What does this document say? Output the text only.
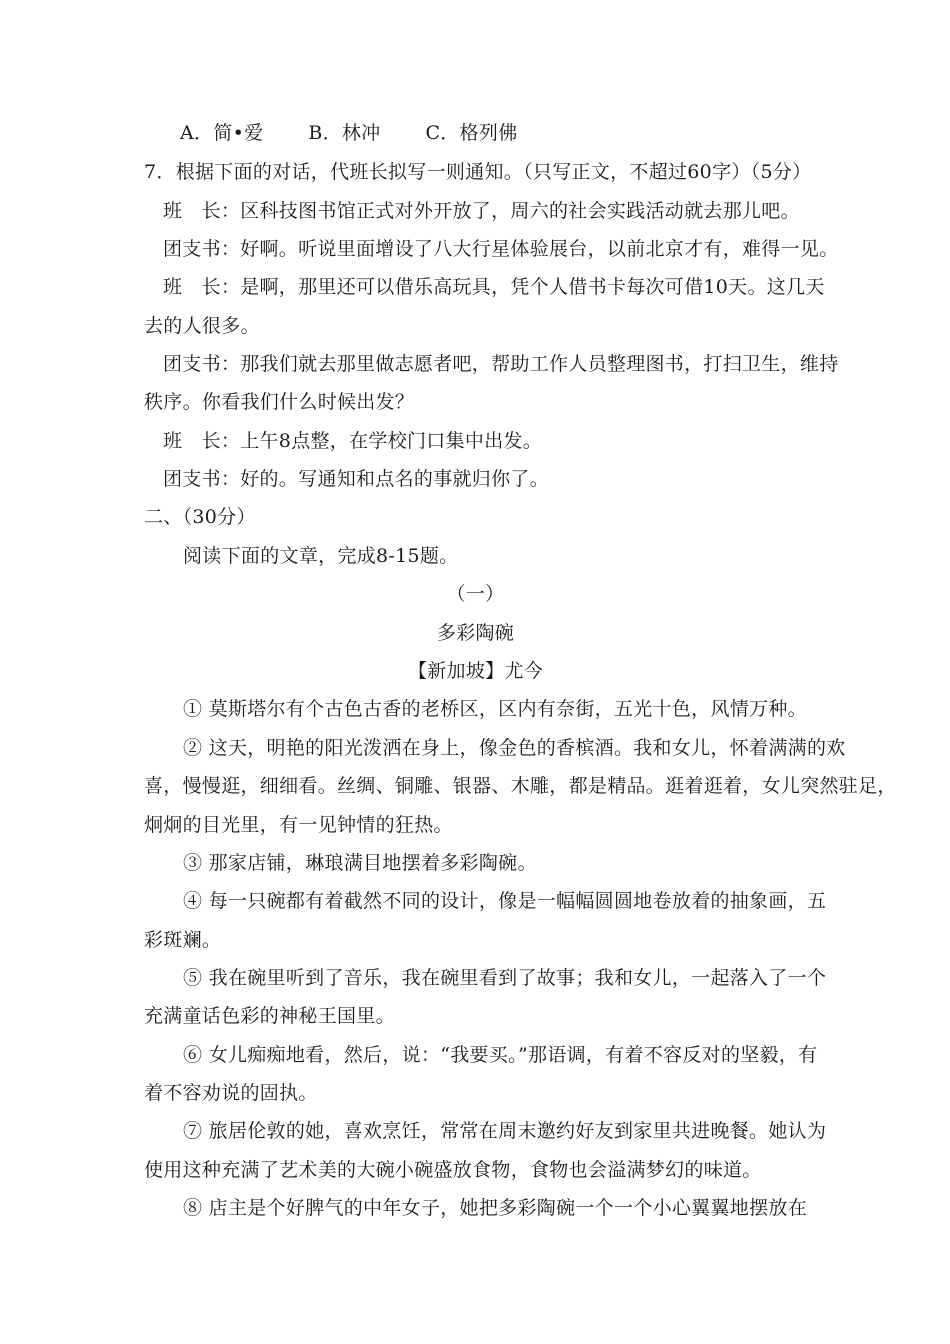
A．简•爱 　　B．林冲 　　C．格列佛
7．根据下面的对话，代班长拟写一则通知。（只写正文，不超过60字）（5分）
班　长：区科技图书馆正式对外开放了，周六的社会实践活动就去那儿吧。
团支书：好啊。听说里面增设了八大行星体验展台，以前北京才有，难得一见。
班　长：是啊，那里还可以借乐高玩具，凭个人借书卡每次可借10天。这几天
去的人很多。
团支书：那我们就去那里做志愿者吧，帮助工作人员整理图书，打扫卫生，维持
秩序。你看我们什么时候出发？
班　长：上午8点整，在学校门口集中出发。
团支书：好的。写通知和点名的事就归你了。
二、（30分）
阅读下面的文章，完成8-15题。
（一）
多彩陶碗
【新加坡】尤今
① 莫斯塔尔有个古色古香的老桥区，区内有奈街，五光十色，风情万种。
② 这天，明艳的阳光泼洒在身上，像金色的香槟酒。我和女儿，怀着满满的欢
喜，慢慢逛，细细看。丝绸、铜雕、银器、木雕，都是精品。逛着逛着，女儿突然驻足，
炯炯的目光里，有一见钟情的狂热。
③ 那家店铺，琳琅满目地摆着多彩陶碗。
④ 每一只碗都有着截然不同的设计，像是一幅幅圆圆地卷放着的抽象画，五
彩斑斓。
⑤ 我在碗里听到了音乐，我在碗里看到了故事；我和女儿，一起落入了一个
充满童话色彩的神秘王国里。
⑥ 女儿痴痴地看，然后，说：“我要买。”那语调，有着不容反对的坚毅，有
着不容劝说的固执。
⑦ 旅居伦敦的她，喜欢烹饪，常常在周末邀约好友到家里共进晚餐。她认为
使用这种充满了艺术美的大碗小碗盛放食物，食物也会溢满梦幻的味道。
⑧ 店主是个好脾气的中年女子，她把多彩陶碗一个一个小心翼翼地摆放在
